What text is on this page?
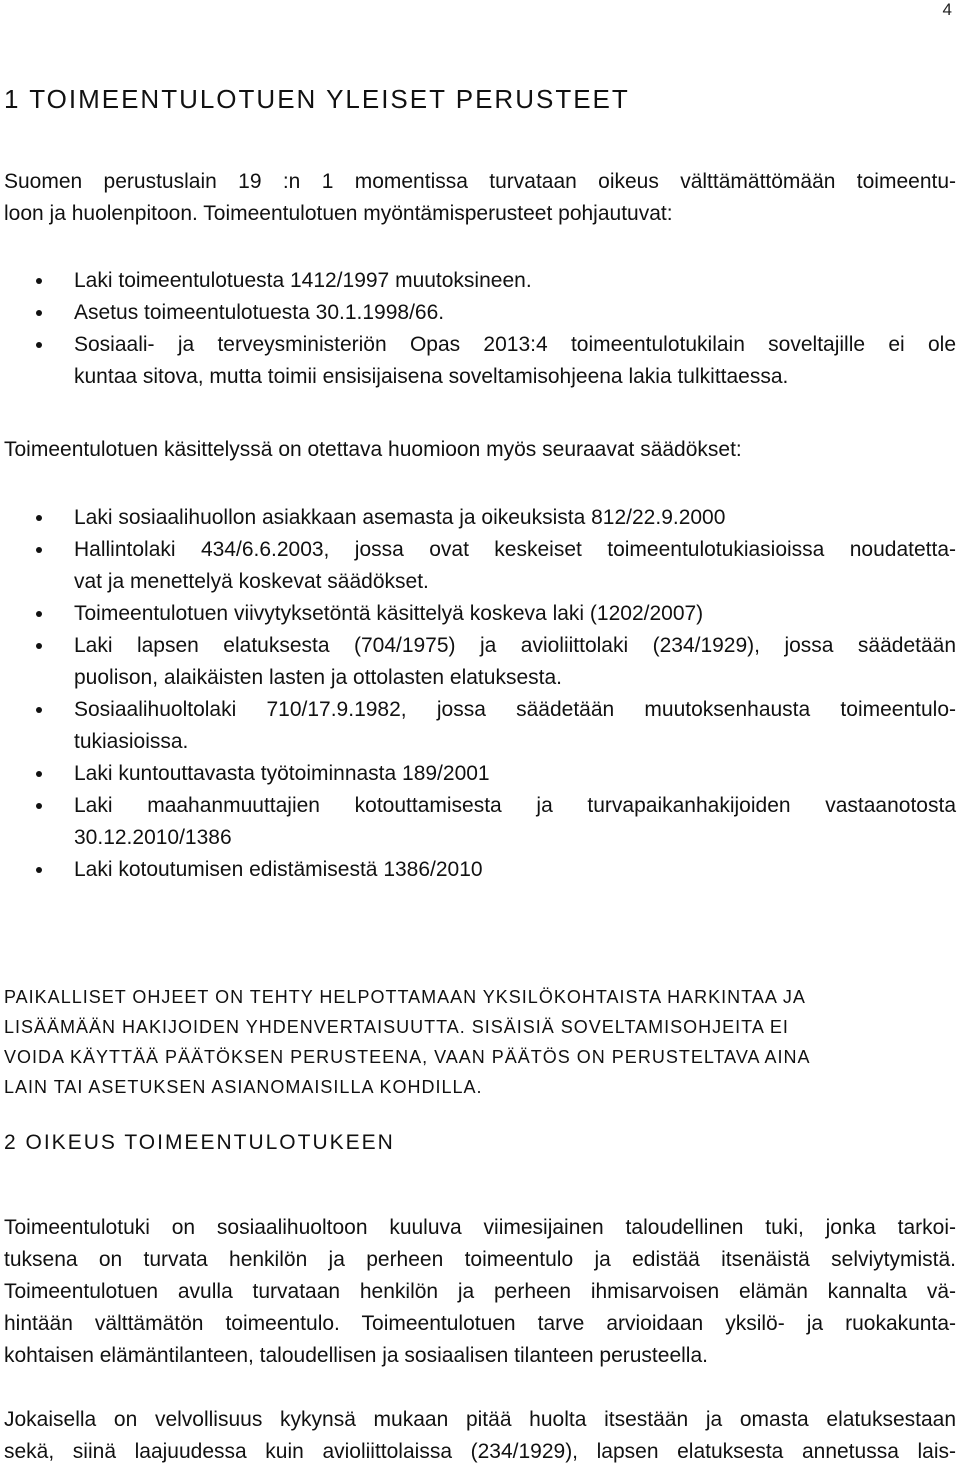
4
1 TOIMEENTULOTUEN YLEISET PERUSTEET

Suomen perustuslain 19 :n 1 momentissa turvataan oikeus välttämättömään toimeentu-
loon ja huolenpitoon. Toimeentulotuen myöntämisperusteet pohjautuvat:

Laki toimeentulotuesta 1412/1997 muutoksineen.
Asetus toimeentulotuesta 30.1.1998/66.
Sosiaali- ja terveysministeriön Opas 2013:4 toimeentulotukilain soveltajille ei ole
kuntaa sitova, mutta toimii ensisijaisena soveltamisohjeena lakia tulkittaessa.

Toimeentulotuen käsittelyssä on otettava huomioon myös seuraavat säädökset:

Laki sosiaalihuollon asiakkaan asemasta ja oikeuksista 812/22.9.2000
Hallintolaki 434/6.6.2003, jossa ovat keskeiset toimeentulotukiasioissa noudatetta-
vat ja menettelyä koskevat säädökset.
Toimeentulotuen viivytyksetöntä käsittelyä koskeva laki (1202/2007)
Laki lapsen elatuksesta (704/1975) ja avioliittolaki (234/1929), jossa säädetään
puolison, alaikäisten lasten ja ottolasten elatuksesta.
Sosiaalihuoltolaki 710/17.9.1982, jossa säädetään muutoksenhausta toimeentulo-
tukiasioissa.
Laki kuntouttavasta työtoiminnasta 189/2001
Laki maahanmuuttajien kotouttamisesta ja turvapaikanhakijoiden vastaanotosta
30.12.2010/1386
Laki kotoutumisen edistämisestä 1386/2010

PAIKALLISET OHJEET ON TEHTY HELPOTTAMAAN YKSILÖKOHTAISTA HARKINTAA JA
LISÄÄMÄÄN HAKIJOIDEN YHDENVERTAISUUTTA. SISÄISIÄ SOVELTAMISOHJEITA EI
VOIDA KÄYTTÄÄ PÄÄTÖKSEN PERUSTEENA, VAAN PÄÄTÖS ON PERUSTELTAVA AINA
LAIN TAI ASETUKSEN ASIANOMAISILLA KOHDILLA.

2 OIKEUS TOIMEENTULOTUKEEN

Toimeentulotuki on sosiaalihuoltoon kuuluva viimesijainen taloudellinen tuki, jonka tarkoi-
tuksena on turvata henkilön ja perheen toimeentulo ja edistää itsenäistä selviytymistä.
Toimeentulotuen avulla turvataan henkilön ja perheen ihmisarvoisen elämän kannalta vä-
hintään välttämätön toimeentulo. Toimeentulotuen tarve arvioidaan yksilö- ja ruokakunta-
kohtaisen elämäntilanteen, taloudellisen ja sosiaalisen tilanteen perusteella.

Jokaisella on velvollisuus kykynsä mukaan pitää huolta itsestään ja omasta elatuksestaan
sekä, siinä laajuudessa kuin avioliittolaissa (234/1929), lapsen elatuksesta annetussa lais-
